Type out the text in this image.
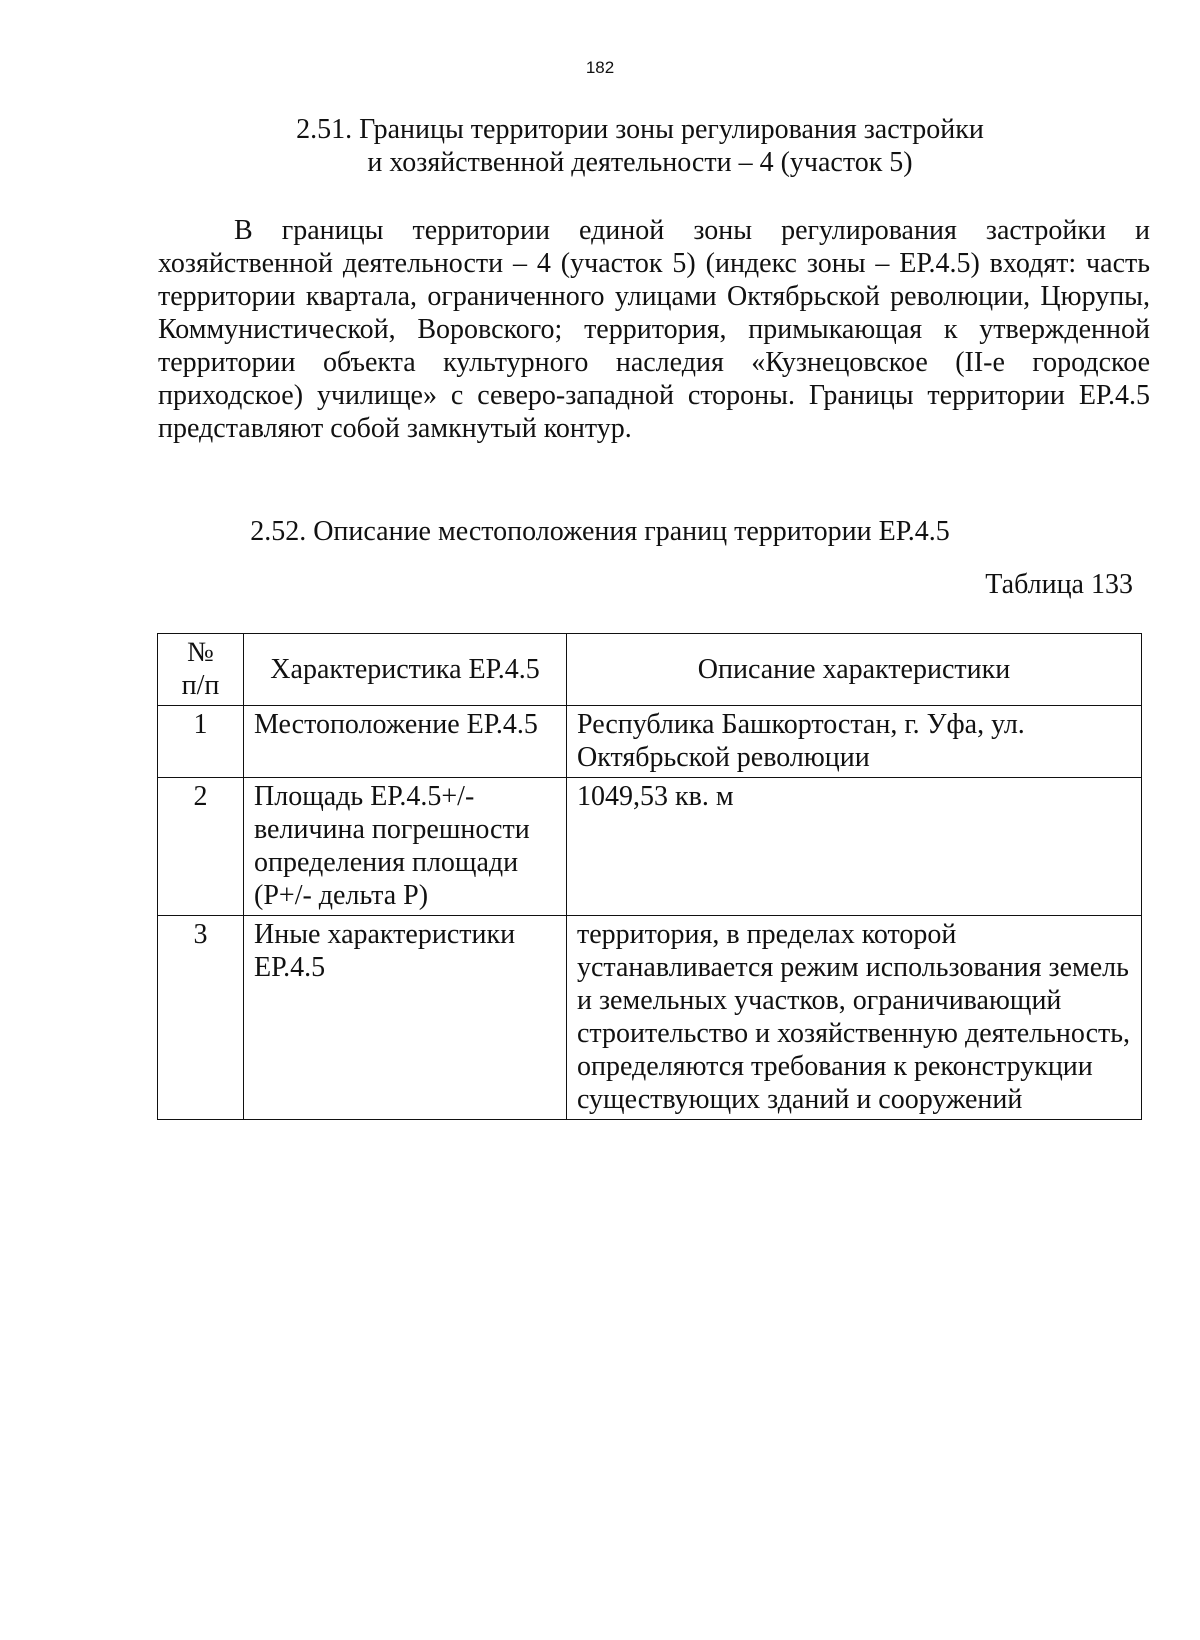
182
2.51. Границы территории зоны регулирования застройки
и хозяйственной деятельности – 4 (участок 5)

В границы территории единой зоны регулирования застройки и хозяйственной деятельности – 4 (участок 5) (индекс зоны – ЕР.4.5) входят: часть территории квартала, ограниченного улицами Октябрьской революции, Цюрупы, Коммунистической, Воровского; территория, примыкающая к утвержденной территории объекта культурного наследия «Кузнецовское (II-е городское приходское) училище» с северо-западной стороны. Границы территории ЕР.4.5 представляют собой замкнутый контур.

2.52. Описание местоположения границ территории ЕР.4.5
Таблица 133
№
п/п	Характеристика ЕР.4.5	Описание характеристики
1	Местоположение ЕР.4.5	Республика Башкортостан, г. Уфа, ул. Октябрьской революции
2	Площадь ЕР.4.5+/- величина погрешности определения площади (Р+/- дельта Р)	1049,53 кв. м
3	Иные характеристики ЕР.4.5	территория, в пределах которой устанавливается режим использования земель и земельных участков, ограничивающий строительство и хозяйственную деятельность, определяются требования к реконструкции существующих зданий и сооружений
